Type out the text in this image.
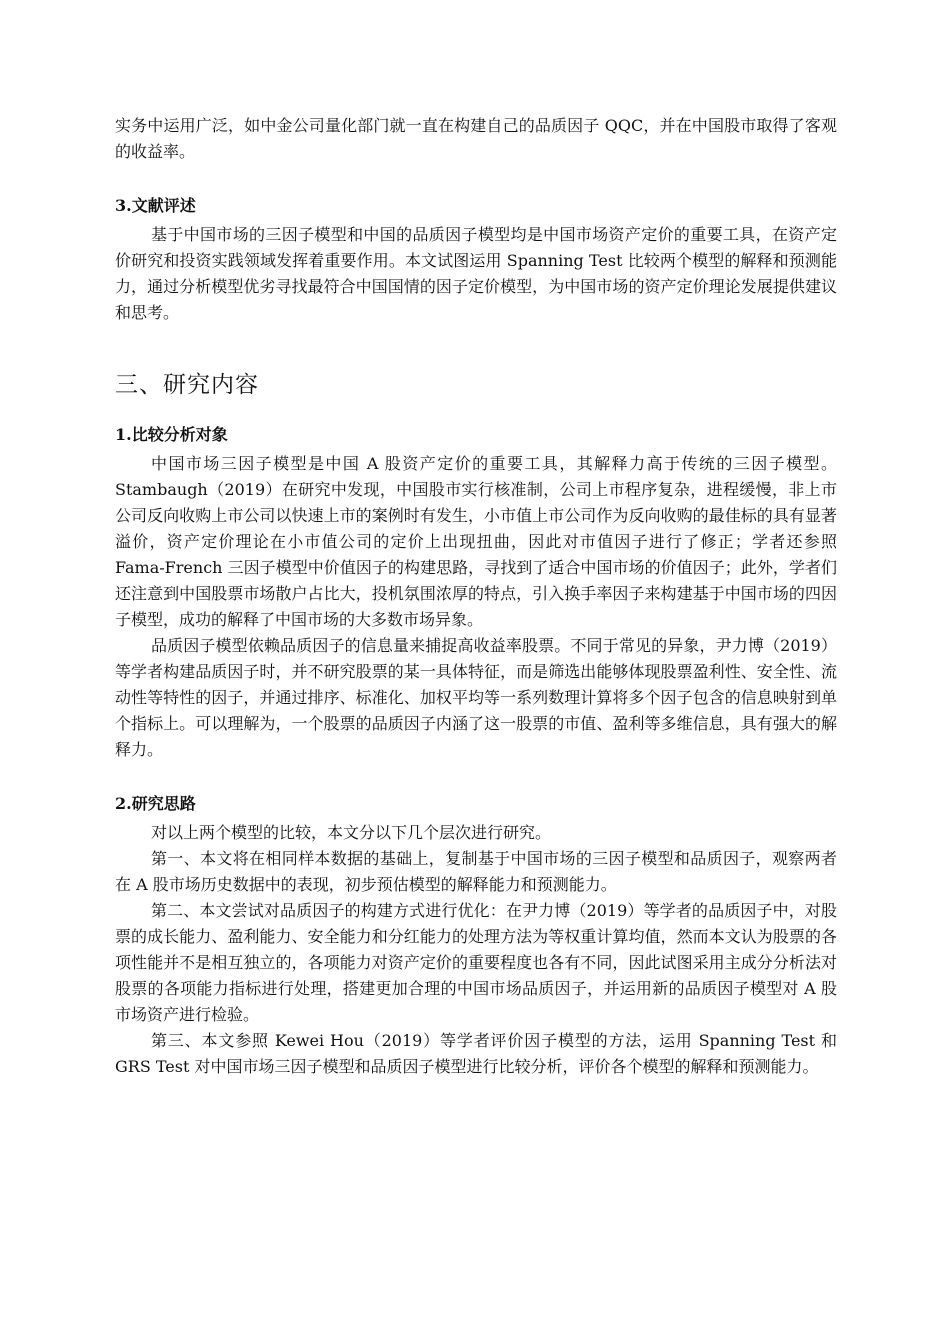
实务中运用广泛，如中金公司量化部门就一直在构建自己的品质因子 QQC，并在中国股市取得了客观的收益率。

3.文献评述

基于中国市场的三因子模型和中国的品质因子模型均是中国市场资产定价的重要工具，在资产定价研究和投资实践领域发挥着重要作用。本文试图运用 Spanning Test 比较两个模型的解释和预测能力，通过分析模型优劣寻找最符合中国国情的因子定价模型，为中国市场的资产定价理论发展提供建议和思考。

三、研究内容
1.比较分析对象

中国市场三因子模型是中国 A 股资产定价的重要工具，其解释力高于传统的三因子模型。Stambaugh（2019）在研究中发现，中国股市实行核准制，公司上市程序复杂，进程缓慢，非上市公司反向收购上市公司以快速上市的案例时有发生，小市值上市公司作为反向收购的最佳标的具有显著溢价，资产定价理论在小市值公司的定价上出现扭曲，因此对市值因子进行了修正；学者还参照 Fama-French 三因子模型中价值因子的构建思路，寻找到了适合中国市场的价值因子；此外，学者们还注意到中国股票市场散户占比大，投机氛围浓厚的特点，引入换手率因子来构建基于中国市场的四因子模型，成功的解释了中国市场的大多数市场异象。

品质因子模型依赖品质因子的信息量来捕捉高收益率股票。不同于常见的异象，尹力博（2019）等学者构建品质因子时，并不研究股票的某一具体特征，而是筛选出能够体现股票盈利性、安全性、流动性等特性的因子，并通过排序、标准化、加权平均等一系列数理计算将多个因子包含的信息映射到单个指标上。可以理解为，一个股票的品质因子内涵了这一股票的市值、盈利等多维信息，具有强大的解释力。

2.研究思路

对以上两个模型的比较，本文分以下几个层次进行研究。

第一、本文将在相同样本数据的基础上，复制基于中国市场的三因子模型和品质因子，观察两者在 A 股市场历史数据中的表现，初步预估模型的解释能力和预测能力。

第二、本文尝试对品质因子的构建方式进行优化：在尹力博（2019）等学者的品质因子中，对股票的成长能力、盈利能力、安全能力和分红能力的处理方法为等权重计算均值，然而本文认为股票的各项性能并不是相互独立的，各项能力对资产定价的重要程度也各有不同，因此试图采用主成分分析法对股票的各项能力指标进行处理，搭建更加合理的中国市场品质因子，并运用新的品质因子模型对 A 股市场资产进行检验。

第三、本文参照 Kewei Hou（2019）等学者评价因子模型的方法，运用 Spanning Test 和 GRS Test 对中国市场三因子模型和品质因子模型进行比较分析，评价各个模型的解释和预测能力。
